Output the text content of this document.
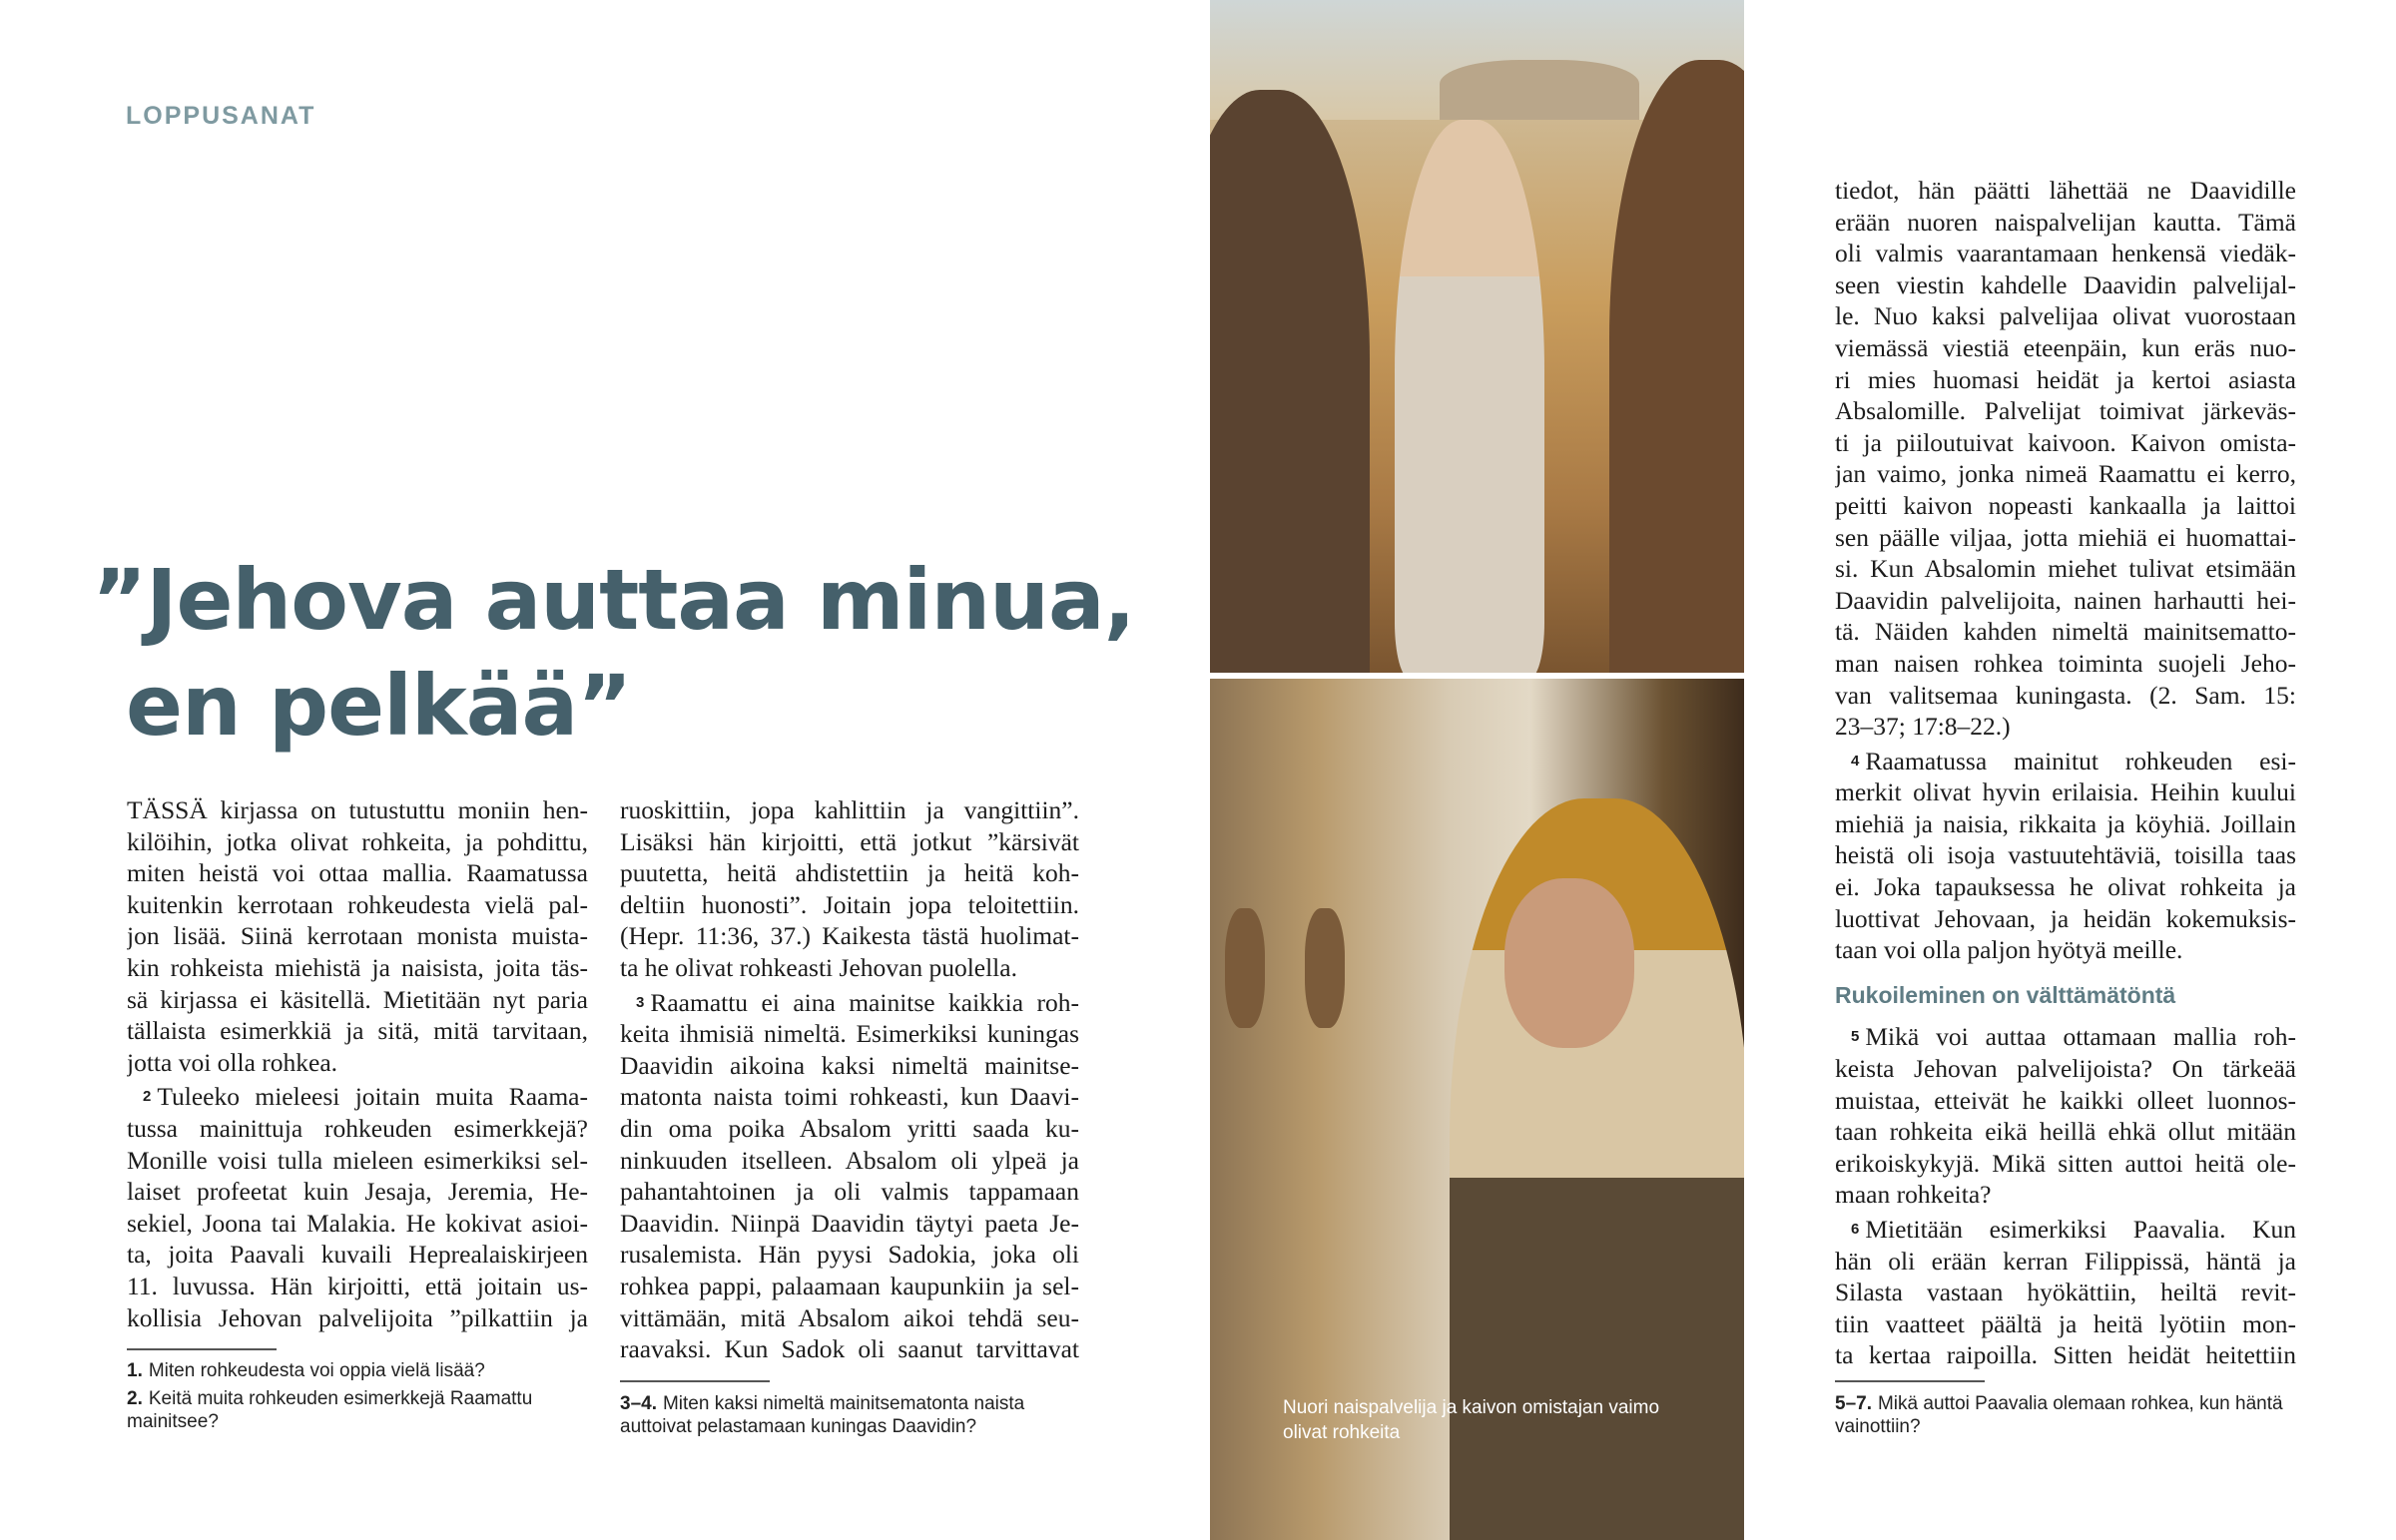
LOPPUSANAT
”Jehova auttaa minua,
en pelkää”
TÄSSÄ kirjassa on tutustuttu moniin hen-
kilöihin, jotka olivat rohkeita, ja pohdittu,
miten heistä voi ottaa mallia. Raamatussa
kuitenkin kerrotaan rohkeudesta vielä pal-
jon lisää. Siinä kerrotaan monista muista-
kin rohkeista miehistä ja naisista, joita täs-
sä kirjassa ei käsitellä. Mietitään nyt paria
tällaista esimerkkiä ja sitä, mitä tarvitaan,
jotta voi olla rohkea.
$^2$ Tuleeko mieleesi joitain muita Raama-
tussa mainittuja rohkeuden esimerkkejä?
Monille voisi tulla mieleen esimerkiksi sel-
laiset profeetat kuin Jesaja, Jeremia, He-
sekiel, Joona tai Malakia. He kokivat asioi-
ta, joita Paavali kuvaili Heprealaiskirjeen
11. luvussa. Hän kirjoitti, että joitain us-
kollisia Jehovan palvelijoita ”pilkattiin ja
ruoskittiin, jopa kahlittiin ja vangittiin”.
Lisäksi hän kirjoitti, että jotkut ”kärsivät
puutetta, heitä ahdistettiin ja heitä koh-
deltiin huonosti”. Joitain jopa teloitettiin.
(Hepr. 11:36, 37.) Kaikesta tästä huolimat-
ta he olivat rohkeasti Jehovan puolella.
$^3$ Raamattu ei aina mainitse kaikkia roh-
keita ihmisiä nimeltä. Esimerkiksi kuningas
Daavidin aikoina kaksi nimeltä mainitse-
matonta naista toimi rohkeasti, kun Daavi-
din oma poika Absalom yritti saada ku-
ninkuuden itselleen. Absalom oli ylpeä ja
pahantahtoinen ja oli valmis tappamaan
Daavidin. Niinpä Daavidin täytyi paeta Je-
rusalemista. Hän pyysi Sadokia, joka oli
rohkea pappi, palaamaan kaupunkiin ja sel-
vittämään, mitä Absalom aikoi tehdä seu-
raavaksi. Kun Sadok oli saanut tarvittavat
tiedot, hän päätti lähettää ne Daavidille
erään nuoren naispalvelijan kautta. Tämä
oli valmis vaarantamaan henkensä viedäk-
seen viestin kahdelle Daavidin palvelijal-
le. Nuo kaksi palvelijaa olivat vuorostaan
viemässä viestiä eteenpäin, kun eräs nuo-
ri mies huomasi heidät ja kertoi asiasta
Absalomille. Palvelijat toimivat järkeväs-
ti ja piiloutuivat kaivoon. Kaivon omista-
jan vaimo, jonka nimeä Raamattu ei kerro,
peitti kaivon nopeasti kankaalla ja laittoi
sen päälle viljaa, jotta miehiä ei huomattai-
si. Kun Absalomin miehet tulivat etsimään
Daavidin palvelijoita, nainen harhautti hei-
tä. Näiden kahden nimeltä mainitsematto-
man naisen rohkea toiminta suojeli Jeho-
van valitsemaa kuningasta. (2. Sam. 15:
23–37; 17:8–22.)
$^4$ Raamatussa mainitut rohkeuden esi-
merkit olivat hyvin erilaisia. Heihin kuului
miehiä ja naisia, rikkaita ja köyhiä. Joillain
heistä oli isoja vastuutehtäviä, toisilla taas
ei. Joka tapauksessa he olivat rohkeita ja
luottivat Jehovaan, ja heidän kokemuksis-
taan voi olla paljon hyötyä meille.
Rukoileminen on välttämätöntä
$^5$ Mikä voi auttaa ottamaan mallia roh-
keista Jehovan palvelijoista? On tärkeää
muistaa, etteivät he kaikki olleet luonnos-
taan rohkeita eikä heillä ehkä ollut mitään
erikoiskykyjä. Mikä sitten auttoi heitä ole-
maan rohkeita?
$^6$ Mietitään esimerkiksi Paavalia. Kun
hän oli erään kerran Filippissä, häntä ja
Silasta vastaan hyökättiin, heiltä revit-
tiin vaatteet päältä ja heitä lyötiin mon-
ta kertaa raipoilla. Sitten heidät heitettiin
1. Miten rohkeudesta voi oppia vielä lisää?
2. Keitä muita rohkeuden esimerkkejä Raamattu mainitsee?
3–4. Miten kaksi nimeltä mainitsematonta naista auttoivat pelastamaan kuningas Daavidin?
5–7. Mikä auttoi Paavalia olemaan rohkea, kun häntä vainottiin?
Nuori naispalvelija ja kaivon omistajan vaimo olivat rohkeita
